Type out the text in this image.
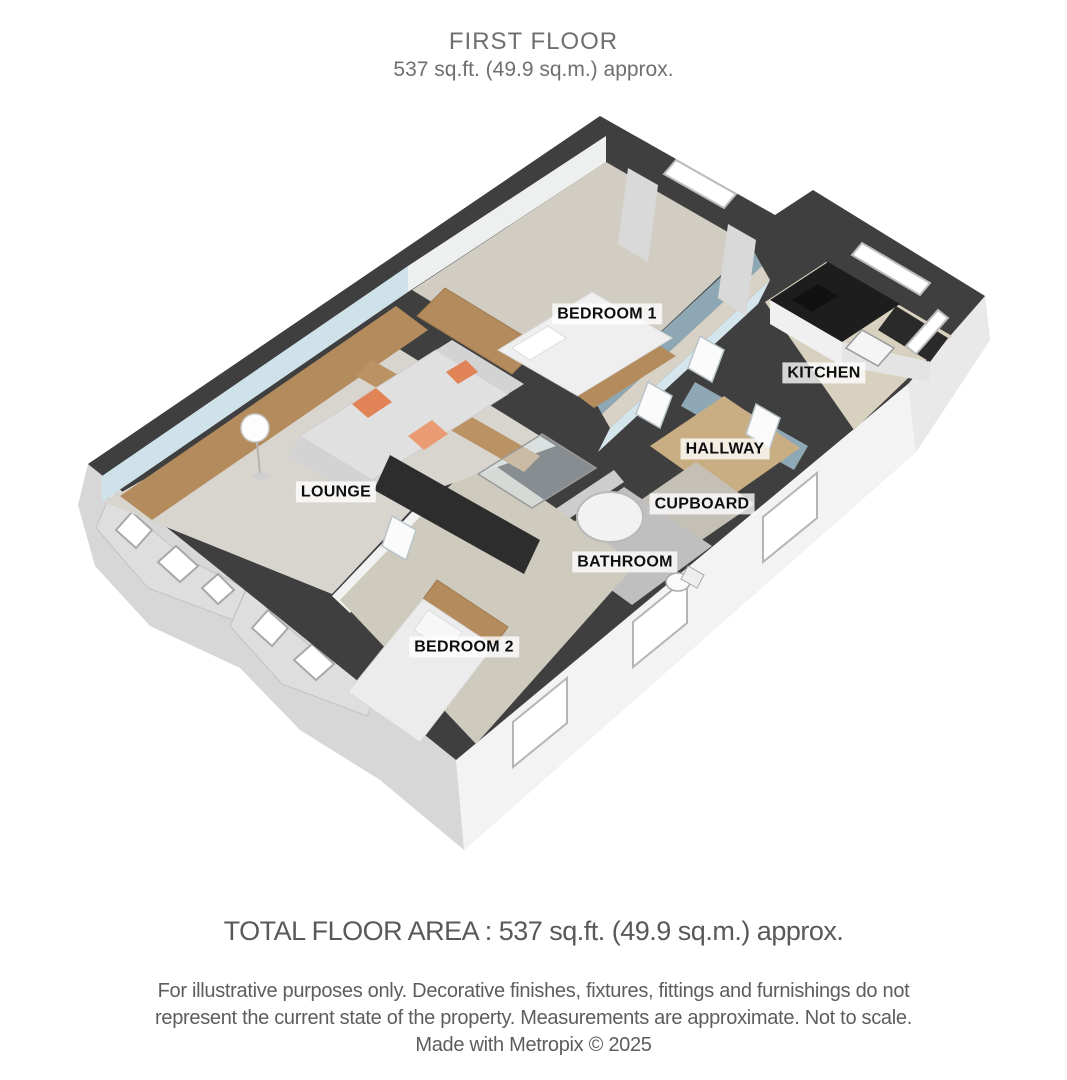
FIRST FLOOR
537 sq.ft. (49.9 sq.m.) approx.
BEDROOM 1
KITCHEN
HALLWAY
CUPBOARD
LOUNGE
BATHROOM
BEDROOM 2
TOTAL FLOOR AREA : 537 sq.ft. (49.9 sq.m.) approx.
For illustrative purposes only. Decorative finishes, fixtures, fittings and furnishings do not
represent the current state of the property. Measurements are approximate. Not to scale.
Made with Metropix © 2025
